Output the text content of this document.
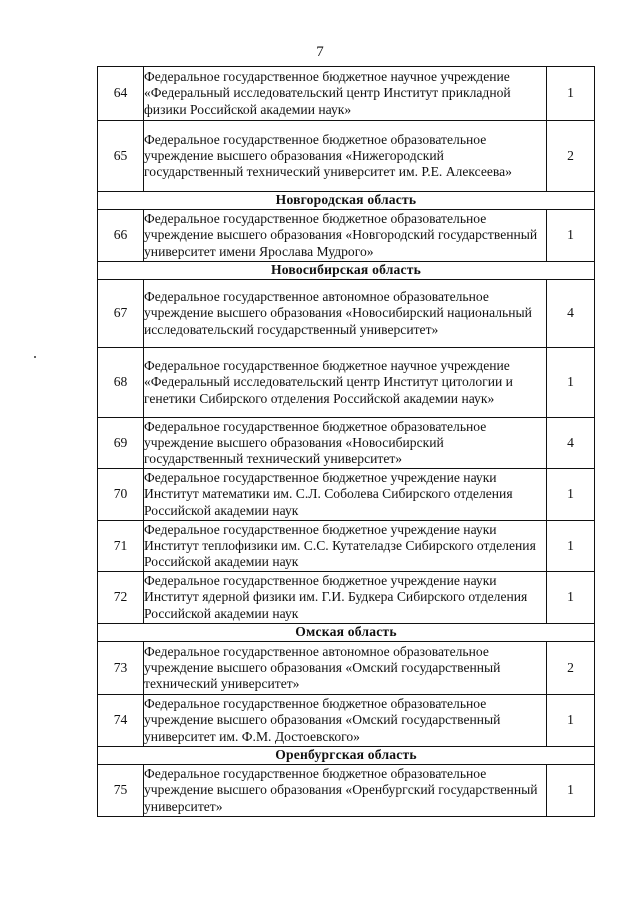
7
64	Федеральное государственное бюджетное научное учреждение «Федеральный исследовательский центр Институт прикладной физики Российской академии наук»	1
65	Федеральное государственное бюджетное образовательное учреждение высшего образования «Нижегородский государственный технический университет им. Р.Е. Алексеева»	2
Новгородская область		
66	Федеральное государственное бюджетное образовательное учреждение высшего образования «Новгородский государственный университет имени Ярослава Мудрого»	1
Новосибирская область		
67	Федеральное государственное автономное образовательное учреждение высшего образования «Новосибирский национальный исследовательский государственный университет»	4
68	Федеральное государственное бюджетное научное учреждение «Федеральный исследовательский центр Институт цитологии и генетики Сибирского отделения Российской академии наук»	1
69	Федеральное государственное бюджетное образовательное учреждение высшего образования «Новосибирский государственный технический университет»	4
70	Федеральное государственное бюджетное учреждение науки Институт математики им. С.Л. Соболева Сибирского отделения Российской академии наук	1
71	Федеральное государственное бюджетное учреждение науки Институт теплофизики им. С.С. Кутателадзе Сибирского отделения Российской академии наук	1
72	Федеральное государственное бюджетное учреждение науки Институт ядерной физики им. Г.И. Будкера Сибирского отделения Российской академии наук	1
Омская область		
73	Федеральное государственное автономное образовательное учреждение высшего образования «Омский государственный технический университет»	2
74	Федеральное государственное бюджетное образовательное учреждение высшего образования «Омский государственный университет им. Ф.М. Достоевского»	1
Оренбургская область		
75	Федеральное государственное бюджетное образовательное учреждение высшего образования «Оренбургский государственный университет»	1
